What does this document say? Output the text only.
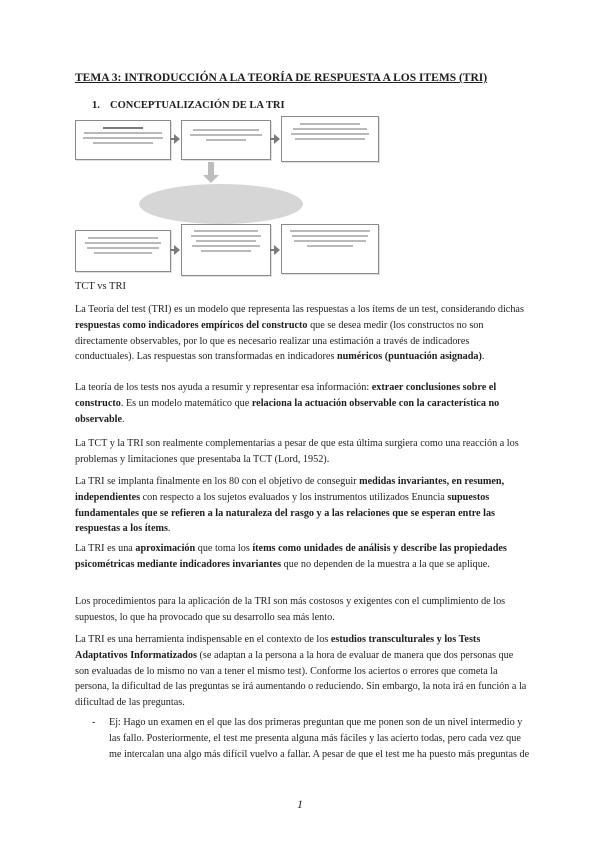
TEMA 3: INTRODUCCIÓN A LA TEORÍA DE RESPUESTA A LOS ITEMS (TRI)
1. CONCEPTUALIZACIÓN DE LA TRI
TCT vs TRI
La Teoría del test (TRI) es un modelo que representa las respuestas a los ítems de un test, considerando dichas respuestas como indicadores empíricos del constructo que se desea medir (los constructos no son directamente observables, por lo que es necesario realizar una estimación a través de indicadores conductuales). Las respuestas son transformadas en indicadores numéricos (puntuación asignada).
La teoría de los tests nos ayuda a resumir y representar esa información: extraer conclusiones sobre el constructo. Es un modelo matemático que relaciona la actuación observable con la característica no observable.
La TCT y la TRI son realmente complementarias a pesar de que esta última surgiera como una reacción a los problemas y limitaciones que presentaba la TCT (Lord, 1952).
La TRI se implanta finalmente en los 80 con el objetivo de conseguir medidas invariantes, en resumen, independientes con respecto a los sujetos evaluados y los instrumentos utilizados Enuncia supuestos fundamentales que se refieren a la naturaleza del rasgo y a las relaciones que se esperan entre las respuestas a los ítems.
La TRI es una aproximación que toma los ítems como unidades de análisis y describe las propiedades psicométricas mediante indicadores invariantes que no dependen de la muestra a la que se aplique.
Los procedimientos para la aplicación de la TRI son más costosos y exigentes con el cumplimiento de los supuestos, lo que ha provocado que su desarrollo sea más lento.
La TRI es una herramienta indispensable en el contexto de los estudios transculturales y los Tests Adaptativos Informatizados (se adaptan a la persona a la hora de evaluar de manera que dos personas que son evaluadas de lo mismo no van a tener el mismo test). Conforme los aciertos o errores que cometa la persona, la dificultad de las preguntas se irá aumentando o reduciendo. Sin embargo, la nota irá en función a la dificultad de las preguntas.
- Ej: Hago un examen en el que las dos primeras preguntan que me ponen son de un nivel intermedio y las fallo. Posteriormente, el test me presenta alguna más fáciles y las acierto todas, pero cada vez que me intercalan una algo más difícil vuelvo a fallar. A pesar de que el test me ha puesto más preguntas de
1
